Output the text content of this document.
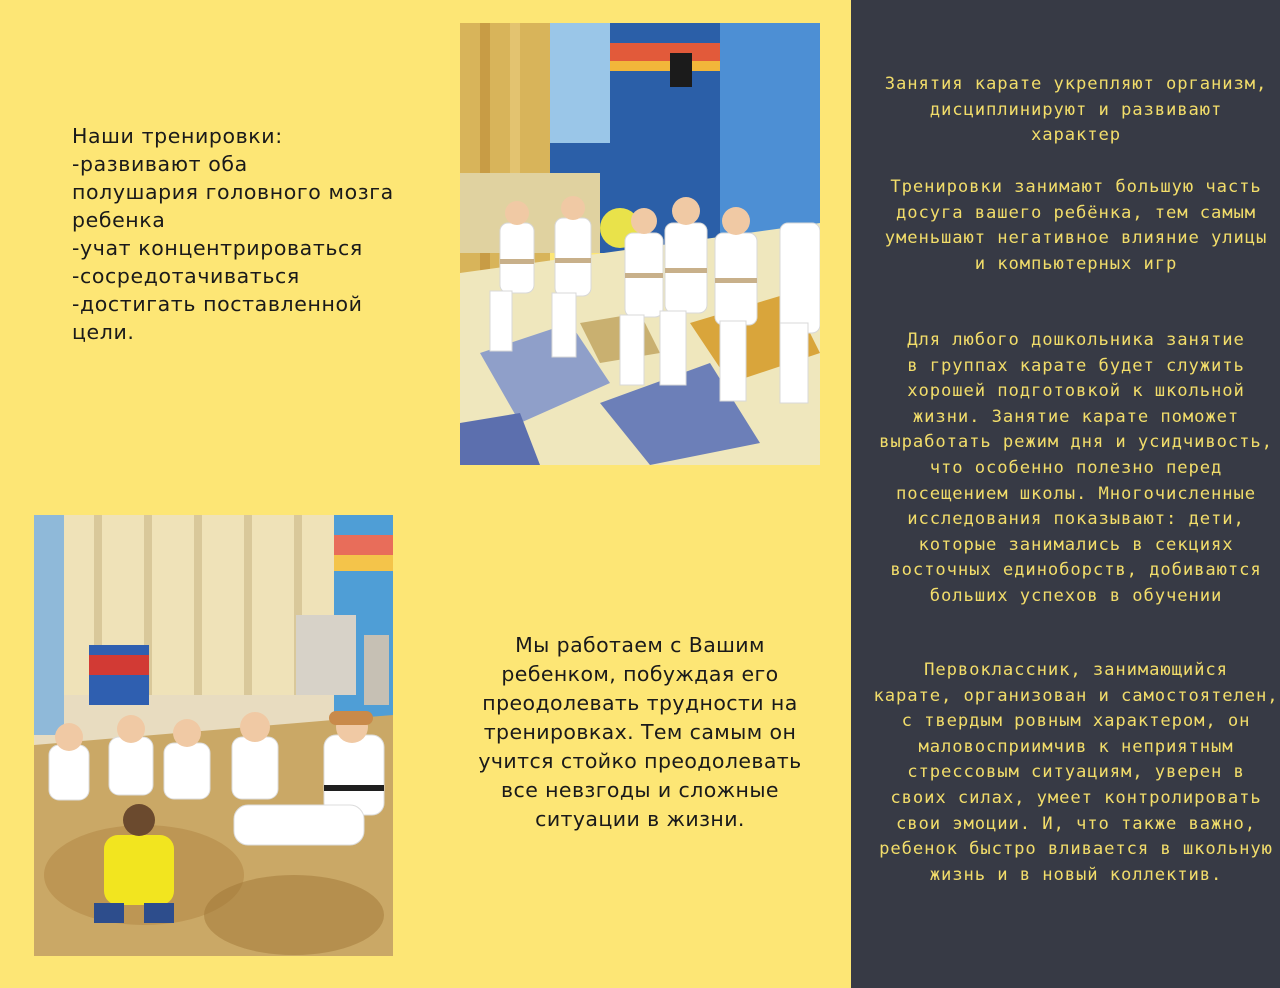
Наши тренировки:
-развивают оба
полушария головного мозга
ребенка
-учат концентрироваться
-сосредотачиваться
-достигать поставленной
цели.
Мы работаем с Вашим
ребенком, побуждая его
преодолевать трудности на
тренировках. Тем самым он
учится стойко преодолевать
все невзгоды и сложные
ситуации в жизни.
Занятия карате укрепляют организм,
дисциплинируют и развивают
характер
Тренировки занимают большую часть
досуга вашего ребёнка, тем самым
уменьшают негативное влияние улицы
и компьютерных игр
Для любого дошкольника занятие
в группах карате будет служить
хорошей подготовкой к школьной
жизни. Занятие карате поможет
выработать режим дня и усидчивость,
что особенно полезно перед
посещением школы. Многочисленные
исследования показывают: дети,
которые занимались в секциях
восточных единоборств, добиваются
больших успехов в обучении
Первоклассник, занимающийся
карате, организован и самостоятелен,
с твердым ровным характером, он
маловосприимчив к неприятным
стрессовым ситуациям, уверен в
своих силах, умеет контролировать
свои эмоции. И, что также важно,
ребенок быстро вливается в школьную
жизнь и в новый коллектив.
